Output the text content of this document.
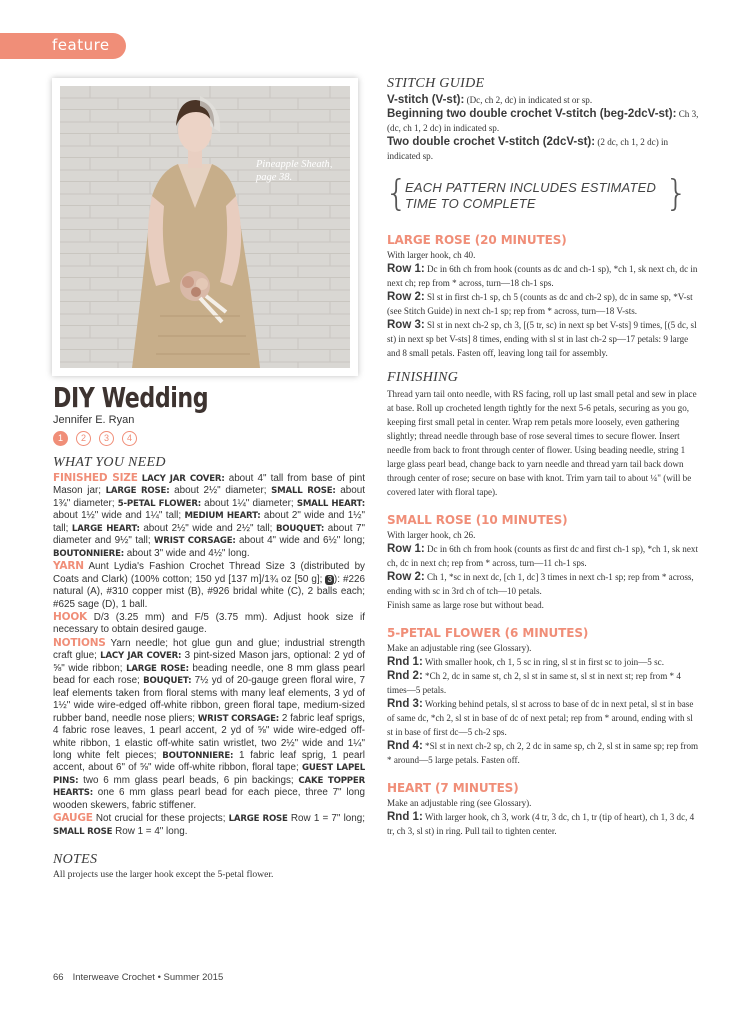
feature
Pineapple Sheath, page 38.
DIY Wedding
Jennifer E. Ryan
1	2	3	4
WHAT YOU NEED

FINISHED SIZE LACY JAR COVER: about 4" tall from base of pint Mason jar; LARGE ROSE: about 2½" diameter; SMALL ROSE: about 1¾" diameter; 5-PETAL FLOWER: about 1¼" diameter; SMALL HEART: about 1½" wide and 1¼" tall; MEDIUM HEART: about 2" wide and 1½" tall; LARGE HEART: about 2½" wide and 2½" tall; BOUQUET: about 7" diameter and 9½" tall; WRIST CORSAGE: about 4" wide and 6½" long; BOUTONNIERE: about 3" wide and 4½" long.

YARN Aunt Lydia's Fashion Crochet Thread Size 3 (distributed by Coats and Clark) (100% cotton; 150 yd [137 m]/1¾ oz [50 g]; 3 ): #226 natural (A), #310 copper mist (B), #926 bridal white (C), 2 balls each; #625 sage (D), 1 ball.

HOOK D/3 (3.25 mm) and F/5 (3.75 mm). Adjust hook size if necessary to obtain desired gauge.

NOTIONS Yarn needle; hot glue gun and glue; industrial strength craft glue; LACY JAR COVER: 3 pint-sized Mason jars, optional: 2 yd of ⅝" wide ribbon; LARGE ROSE: beading needle, one 8 mm glass pearl bead for each rose; BOUQUET: 7½ yd of 20-gauge green floral wire, 7 leaf elements taken from floral stems with many leaf elements, 3 yd of 1½" wide wire-edged off-white ribbon, green floral tape, medium-sized rubber band, needle nose pliers; WRIST CORSAGE: 2 fabric leaf sprigs, 4 fabric rose leaves, 1 pearl accent, 2 yd of ⅝" wide wire-edged off-white ribbon, 1 elastic off-white satin wristlet, two 2½" wide and 1¼" long white felt pieces; BOUTONNIERE: 1 fabric leaf sprig, 1 pearl accent, about 6" of ⅝" wide off-white ribbon, floral tape; GUEST LAPEL PINS: two 6 mm glass pearl beads, 6 pin backings; CAKE TOPPER HEARTS: one 6 mm glass pearl bead for each piece, three 7" long wooden skewers, fabric stiffener.

GAUGE Not crucial for these projects; LARGE ROSE Row 1 = 7" long; SMALL ROSE Row 1 = 4" long.

NOTES

All projects use the larger hook except the 5-petal flower.

STITCH GUIDE

V-stitch (V-st): (Dc, ch 2, dc) in indicated st or sp.

Beginning two double crochet V-stitch (beg-2dcV-st): Ch 3, (dc, ch 1, 2 dc) in indicated sp.

Two double crochet V-stitch (2dcV-st): (2 dc, ch 1, 2 dc) in indicated sp.

{
EACH PATTERN INCLUDES ESTIMATED TIME TO COMPLETE	}
LARGE ROSE (20 MINUTES)

With larger hook, ch 40.

Row 1: Dc in 6th ch from hook (counts as dc and ch-1 sp), *ch 1, sk next ch, dc in next ch; rep from * across, turn—18 ch-1 sps.

Row 2: Sl st in first ch-1 sp, ch 5 (counts as dc and ch-2 sp), dc in same sp, *V-st (see Stitch Guide) in next ch-1 sp; rep from * across, turn—18 V-sts.

Row 3: Sl st in next ch-2 sp, ch 3, [(5 tr, sc) in next sp bet V-sts] 9 times, [(5 dc, sl st) in next sp bet V-sts] 8 times, ending with sl st in last ch-2 sp—17 petals: 9 large and 8 small petals. Fasten off, leaving long tail for assembly.

FINISHING

Thread yarn tail onto needle, with RS facing, roll up last small petal and sew in place at base. Roll up crocheted length tightly for the next 5-6 petals, securing as you go, keeping first small petal in center. Wrap rem petals more loosely, even gathering slightly; thread needle through base of rose several times to secure flower. Insert needle from back to front through center of flower. Using beading needle, string 1 large glass pearl bead, change back to yarn needle and thread yarn tail back down through center of rose; secure on base with knot. Trim yarn tail to about ¼" (will be covered later with floral tape).

SMALL ROSE (10 MINUTES)

With larger hook, ch 26.

Row 1: Dc in 6th ch from hook (counts as first dc and first ch-1 sp), *ch 1, sk next ch, dc in next ch; rep from * across, turn—11 ch-1 sps.

Row 2: Ch 1, *sc in next dc, [ch 1, dc] 3 times in next ch-1 sp; rep from * across, ending with sc in 3rd ch of tch—10 petals.

Finish same as large rose but without bead.

5-PETAL FLOWER (6 MINUTES)

Make an adjustable ring (see Glossary).

Rnd 1: With smaller hook, ch 1, 5 sc in ring, sl st in first sc to join—5 sc.

Rnd 2: *Ch 2, dc in same st, ch 2, sl st in same st, sl st in next st; rep from * 4 times—5 petals.

Rnd 3: Working behind petals, sl st across to base of dc in next petal, sl st in base of same dc, *ch 2, sl st in base of dc of next petal; rep from * around, ending with sl st in base of first dc—5 ch-2 sps.

Rnd 4: *Sl st in next ch-2 sp, ch 2, 2 dc in same sp, ch 2, sl st in same sp; rep from * around—5 large petals. Fasten off.

HEART (7 MINUTES)

Make an adjustable ring (see Glossary).

Rnd 1: With larger hook, ch 3, work (4 tr, 3 dc, ch 1, tr (tip of heart), ch 1, 3 dc, 4 tr, ch 3, sl st) in ring. Pull tail to tighten center.

66 Interweave Crochet • Summer 2015
